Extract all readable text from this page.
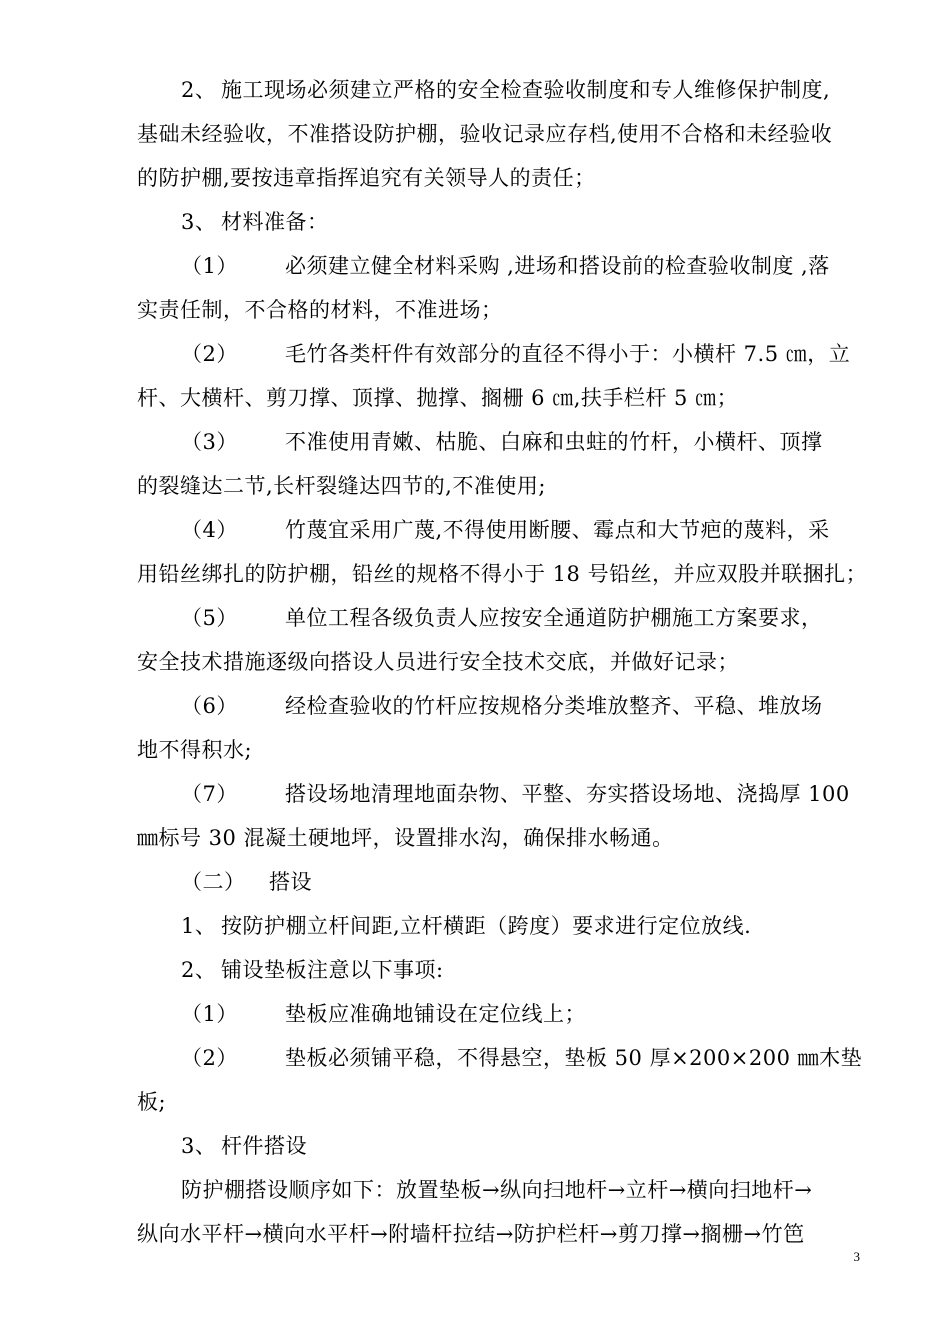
2、 施工现场必须建立严格的安全检查验收制度和专人维修保护制度,
基础未经验收，不准搭设防护棚，验收记录应存档,使用不合格和未经验收
的防护棚,要按违章指挥追究有关领导人的责任；
3、 材料准备：
（1） 必须建立健全材料采购 ,进场和搭设前的检查验收制度 ,落
实责任制，不合格的材料，不准进场；
（2） 毛竹各类杆件有效部分的直径不得小于：小横杆 7.5 ㎝，立
杆、大横杆、剪刀撑、顶撑、抛撑、搁栅 6 ㎝,扶手栏杆 5 ㎝；
（3） 不准使用青嫩、枯脆、白麻和虫蛀的竹杆，小横杆、顶撑
的裂缝达二节,长杆裂缝达四节的,不准使用;
（4） 竹蔑宜采用广蔑,不得使用断腰、霉点和大节疤的蔑料，采
用铅丝绑扎的防护棚，铅丝的规格不得小于 18 号铅丝，并应双股并联捆扎；
（5） 单位工程各级负责人应按安全通道防护棚施工方案要求，
安全技术措施逐级向搭设人员进行安全技术交底，并做好记录；
（6） 经检查验收的竹杆应按规格分类堆放整齐、平稳、堆放场
地不得积水;
（7） 搭设场地清理地面杂物、平整、夯实搭设场地、浇捣厚 100
㎜标号 30 混凝土硬地坪，设置排水沟，确保排水畅通。
（二） 搭设
1、 按防护棚立杆间距,立杆横距（跨度）要求进行定位放线.
2、 铺设垫板注意以下事项:
（1） 垫板应准确地铺设在定位线上；
（2） 垫板必须铺平稳，不得悬空，垫板 50 厚×200×200 ㎜木垫
板;
3、 杆件搭设
防护棚搭设顺序如下：放置垫板→纵向扫地杆→立杆→横向扫地杆→
纵向水平杆→横向水平杆→附墙杆拉结→防护栏杆→剪刀撑→搁栅→竹笆
3
